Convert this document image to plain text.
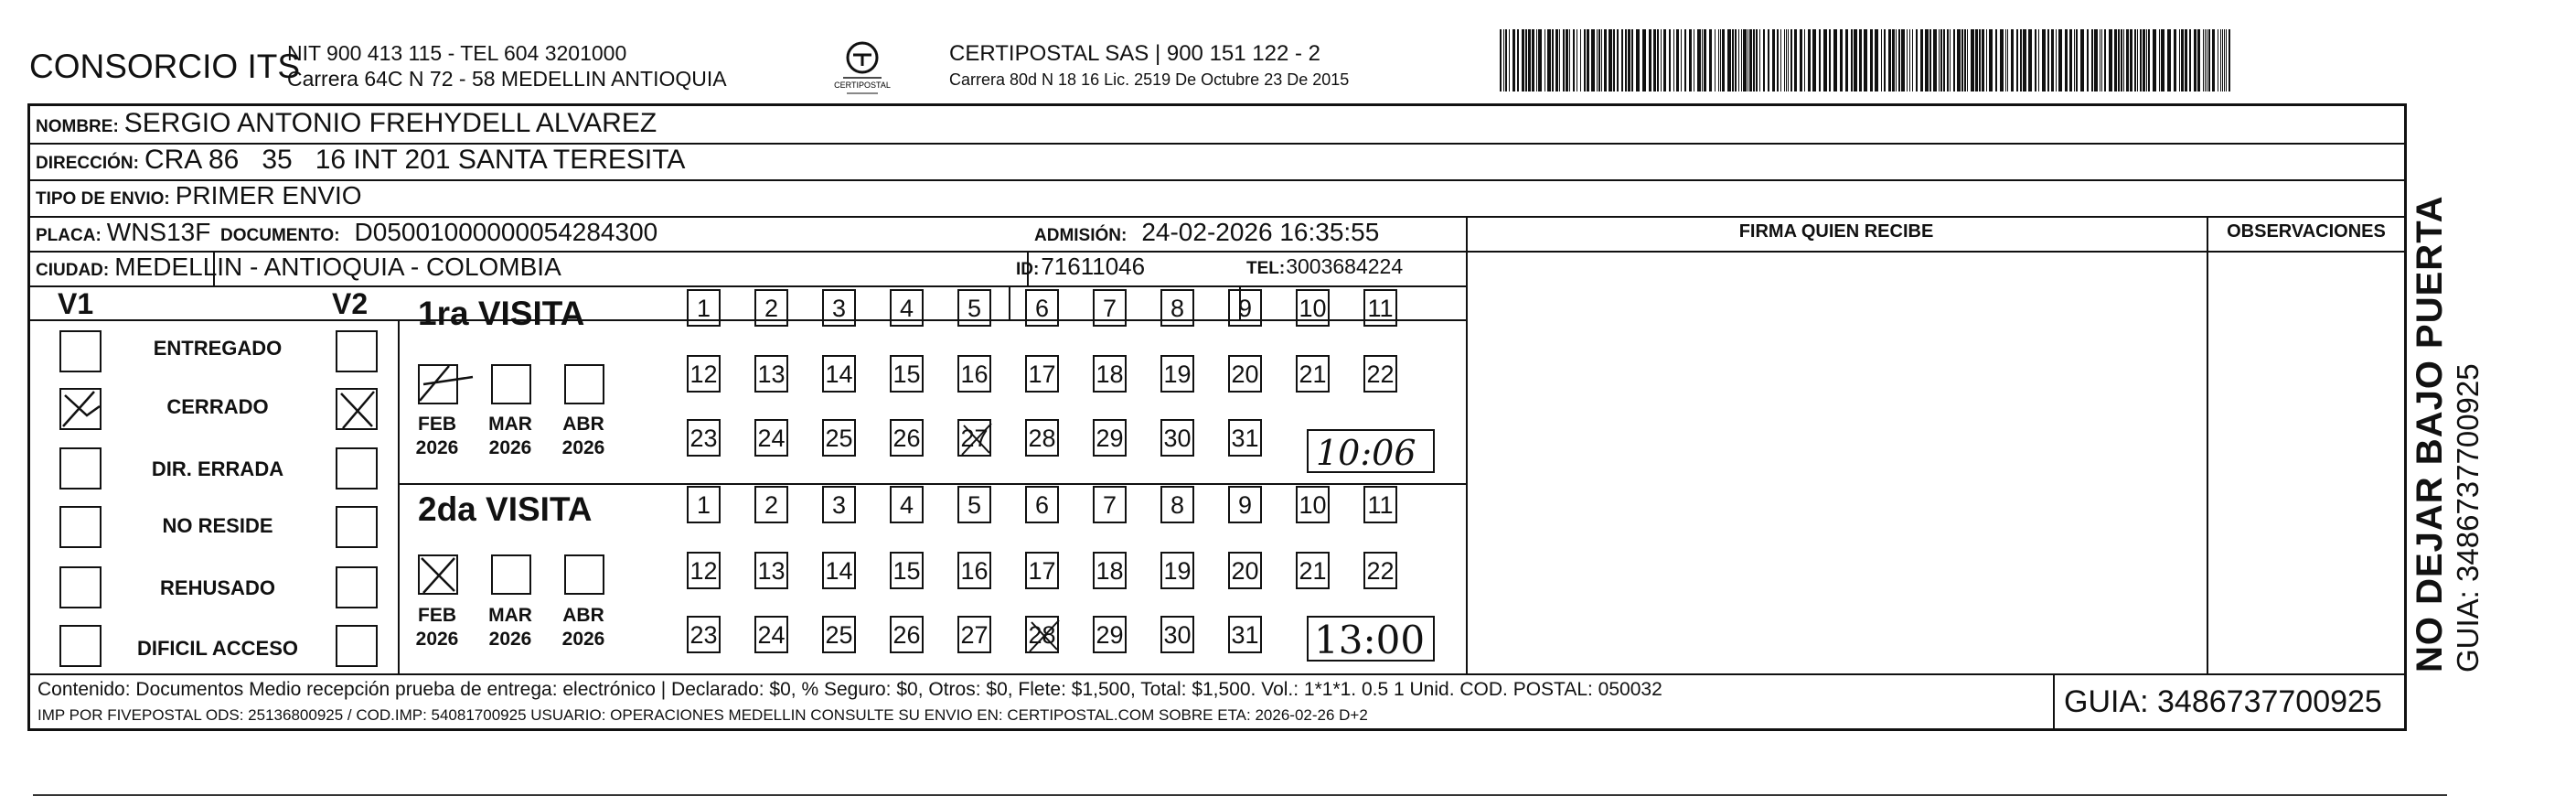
CONSORCIO ITS
NIT 900 413 115 - TEL 604 3201000
Carrera 64C N 72 - 58 MEDELLIN ANTIOQUIA	CERTIPOSTAL
CERTIPOSTAL SAS | 900 151 122 - 2
Carrera 80d N 18 16 Lic. 2519 De Octubre 23 De 2015
NOMBRE: SERGIO ANTONIO FREHYDELL ALVAREZ
DIRECCIÓN: CRA 86   35   16 INT 201 SANTA TERESITA
TIPO DE ENVIO: PRIMER ENVIO
FIRMA QUIEN RECIBE	OBSERVACIONES
PLACA: WNS13F DOCUMENTO: D05001000000054284300	ADMISIÓN: 24-02-2026 16:35:55
CIUDAD: MEDELLIN - ANTIOQUIA - COLOMBIA	ID: 71611046	TEL: 3003684224
V1	V2
ENTREGADO
CERRADO
DIR. ERRADA
NO RESIDE
REHUSADO
DIFICIL ACCESO
1ra VISITA
FEB
2026
MAR
2026
ABR
2026
2da VISITA
FEB
2026
MAR
2026
ABR
2026
10:06
13:00
Contenido: Documentos Medio recepción prueba de entrega: electrónico | Declarado: $0, % Seguro: $0, Otros: $0, Flete: $1,500, Total: $1,500. Vol.: 1*1*1. 0.5 1 Unid. COD. POSTAL: 050032
IMP POR FIVEPOSTAL ODS: 25136800925 / COD.IMP: 54081700925 USUARIO: OPERACIONES MEDELLIN CONSULTE SU ENVIO EN: CERTIPOSTAL.COM SOBRE ETA: 2026-02-26 D+2	GUIA: 3486737700925
1	2	3	4	5	6	7	8	9	10 11
12 13 14 15 16 17 18 19 20 21 22
23 24 25 26 27 28 29 30 31
1	2	3	4	5	6	7	8	9	10 11
12 13 14 15 16 17 18 19 20 21 22
23 24 25 26 27 28 29 30 31	NO DEJAR BAJO PUERTA GUIA: 3486737700925
